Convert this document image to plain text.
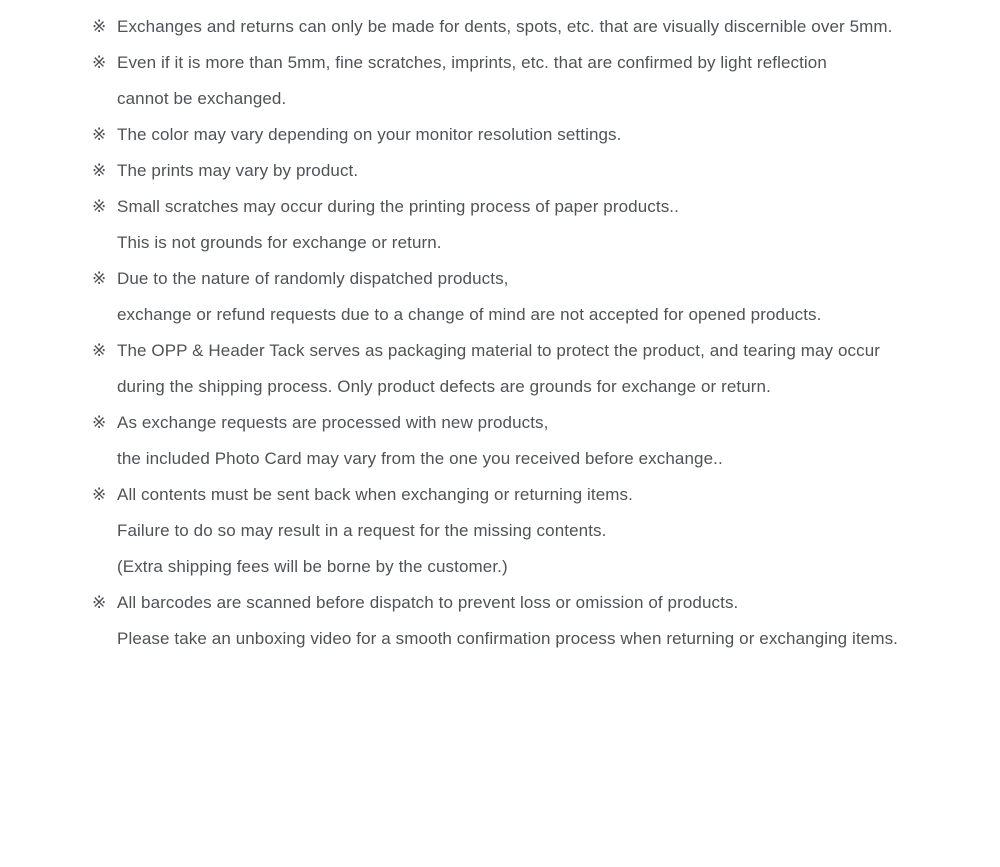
※ Exchanges and returns can only be made for dents, spots, etc. that are visually discernible over 5mm.
※ Even if it is more than 5mm, fine scratches, imprints, etc. that are confirmed by light reflection
cannot be exchanged.
※ The color may vary depending on your monitor resolution settings.
※ The prints may vary by product.
※ Small scratches may occur during the printing process of paper products..
This is not grounds for exchange or return.
※ Due to the nature of randomly dispatched products,
exchange or refund requests due to a change of mind are not accepted for opened products.
※ The OPP & Header Tack serves as packaging material to protect the product, and tearing may occur
during the shipping process. Only product defects are grounds for exchange or return.
※ As exchange requests are processed with new products,
the included Photo Card may vary from the one you received before exchange..
※ All contents must be sent back when exchanging or returning items.
Failure to do so may result in a request for the missing contents.
(Extra shipping fees will be borne by the customer.)
※ All barcodes are scanned before dispatch to prevent loss or omission of products.
Please take an unboxing video for a smooth confirmation process when returning or exchanging items.
